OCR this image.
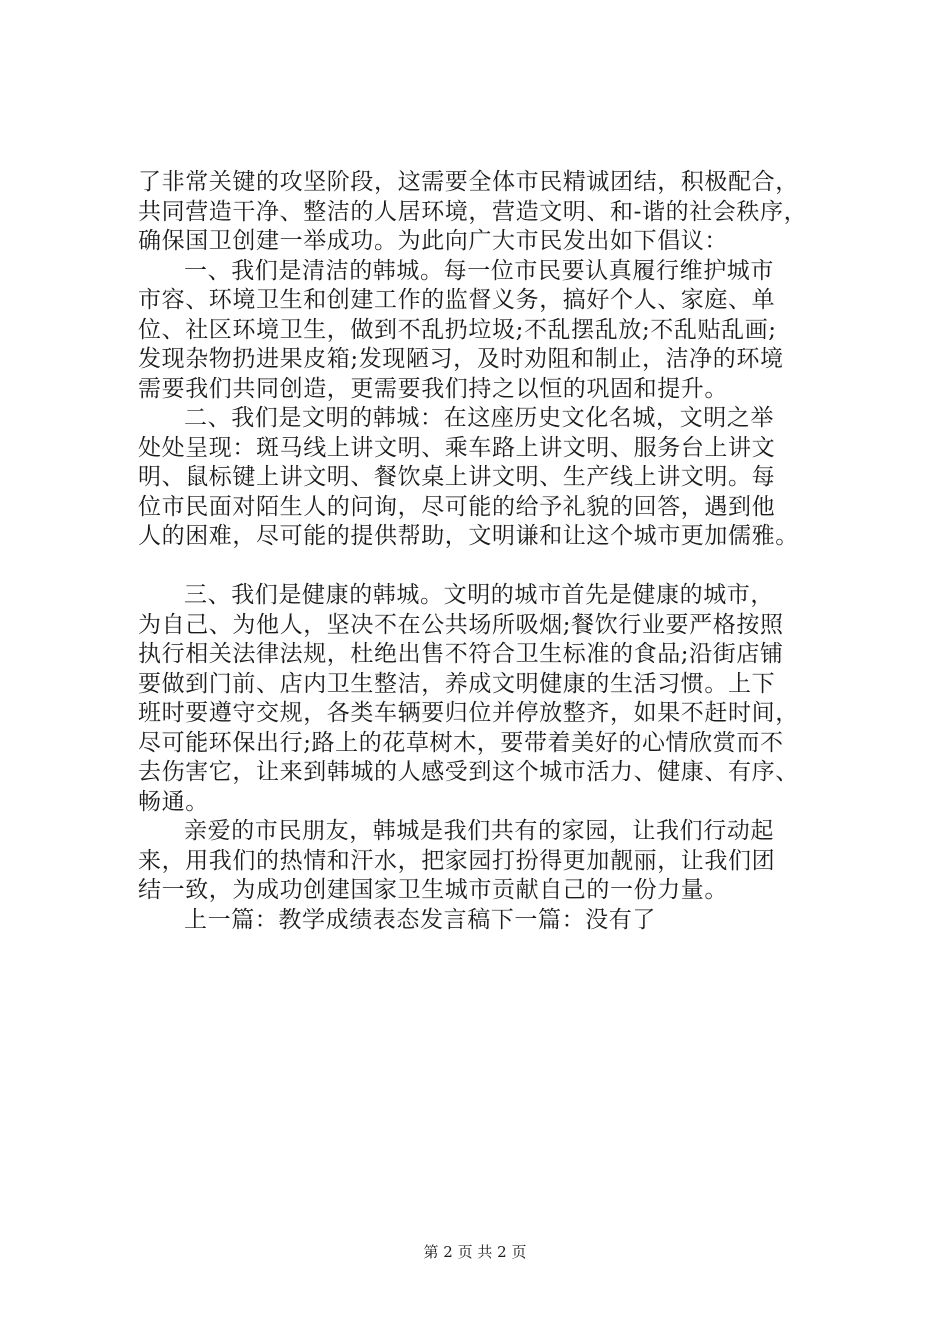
了非常关键的攻坚阶段，这需要全体市民精诚团结，积极配合，
共同营造干净、整洁的人居环境，营造文明、和-谐的社会秩序，
确保国卫创建一举成功。为此向广大市民发出如下倡议：
一、我们是清洁的韩城。每一位市民要认真履行维护城市
市容、环境卫生和创建工作的监督义务，搞好个人、家庭、单
位、社区环境卫生，做到不乱扔垃圾;不乱摆乱放;不乱贴乱画;
发现杂物扔进果皮箱;发现陋习，及时劝阻和制止，洁净的环境
需要我们共同创造，更需要我们持之以恒的巩固和提升。
二、我们是文明的韩城：在这座历史文化名城，文明之举
处处呈现：斑马线上讲文明、乘车路上讲文明、服务台上讲文
明、鼠标键上讲文明、餐饮桌上讲文明、生产线上讲文明。每
位市民面对陌生人的问询，尽可能的给予礼貌的回答，遇到他
人的困难，尽可能的提供帮助，文明谦和让这个城市更加儒雅。
三、我们是健康的韩城。文明的城市首先是健康的城市，
为自己、为他人，坚决不在公共场所吸烟;餐饮行业要严格按照
执行相关法律法规，杜绝出售不符合卫生标准的食品;沿街店铺
要做到门前、店内卫生整洁，养成文明健康的生活习惯。上下
班时要遵守交规，各类车辆要归位并停放整齐，如果不赶时间，
尽可能环保出行;路上的花草树木，要带着美好的心情欣赏而不
去伤害它，让来到韩城的人感受到这个城市活力、健康、有序、
畅通。
亲爱的市民朋友，韩城是我们共有的家园，让我们行动起
来，用我们的热情和汗水，把家园打扮得更加靓丽，让我们团
结一致，为成功创建国家卫生城市贡献自己的一份力量。
上一篇：教学成绩表态发言稿下一篇：没有了
第 2 页 共 2 页
